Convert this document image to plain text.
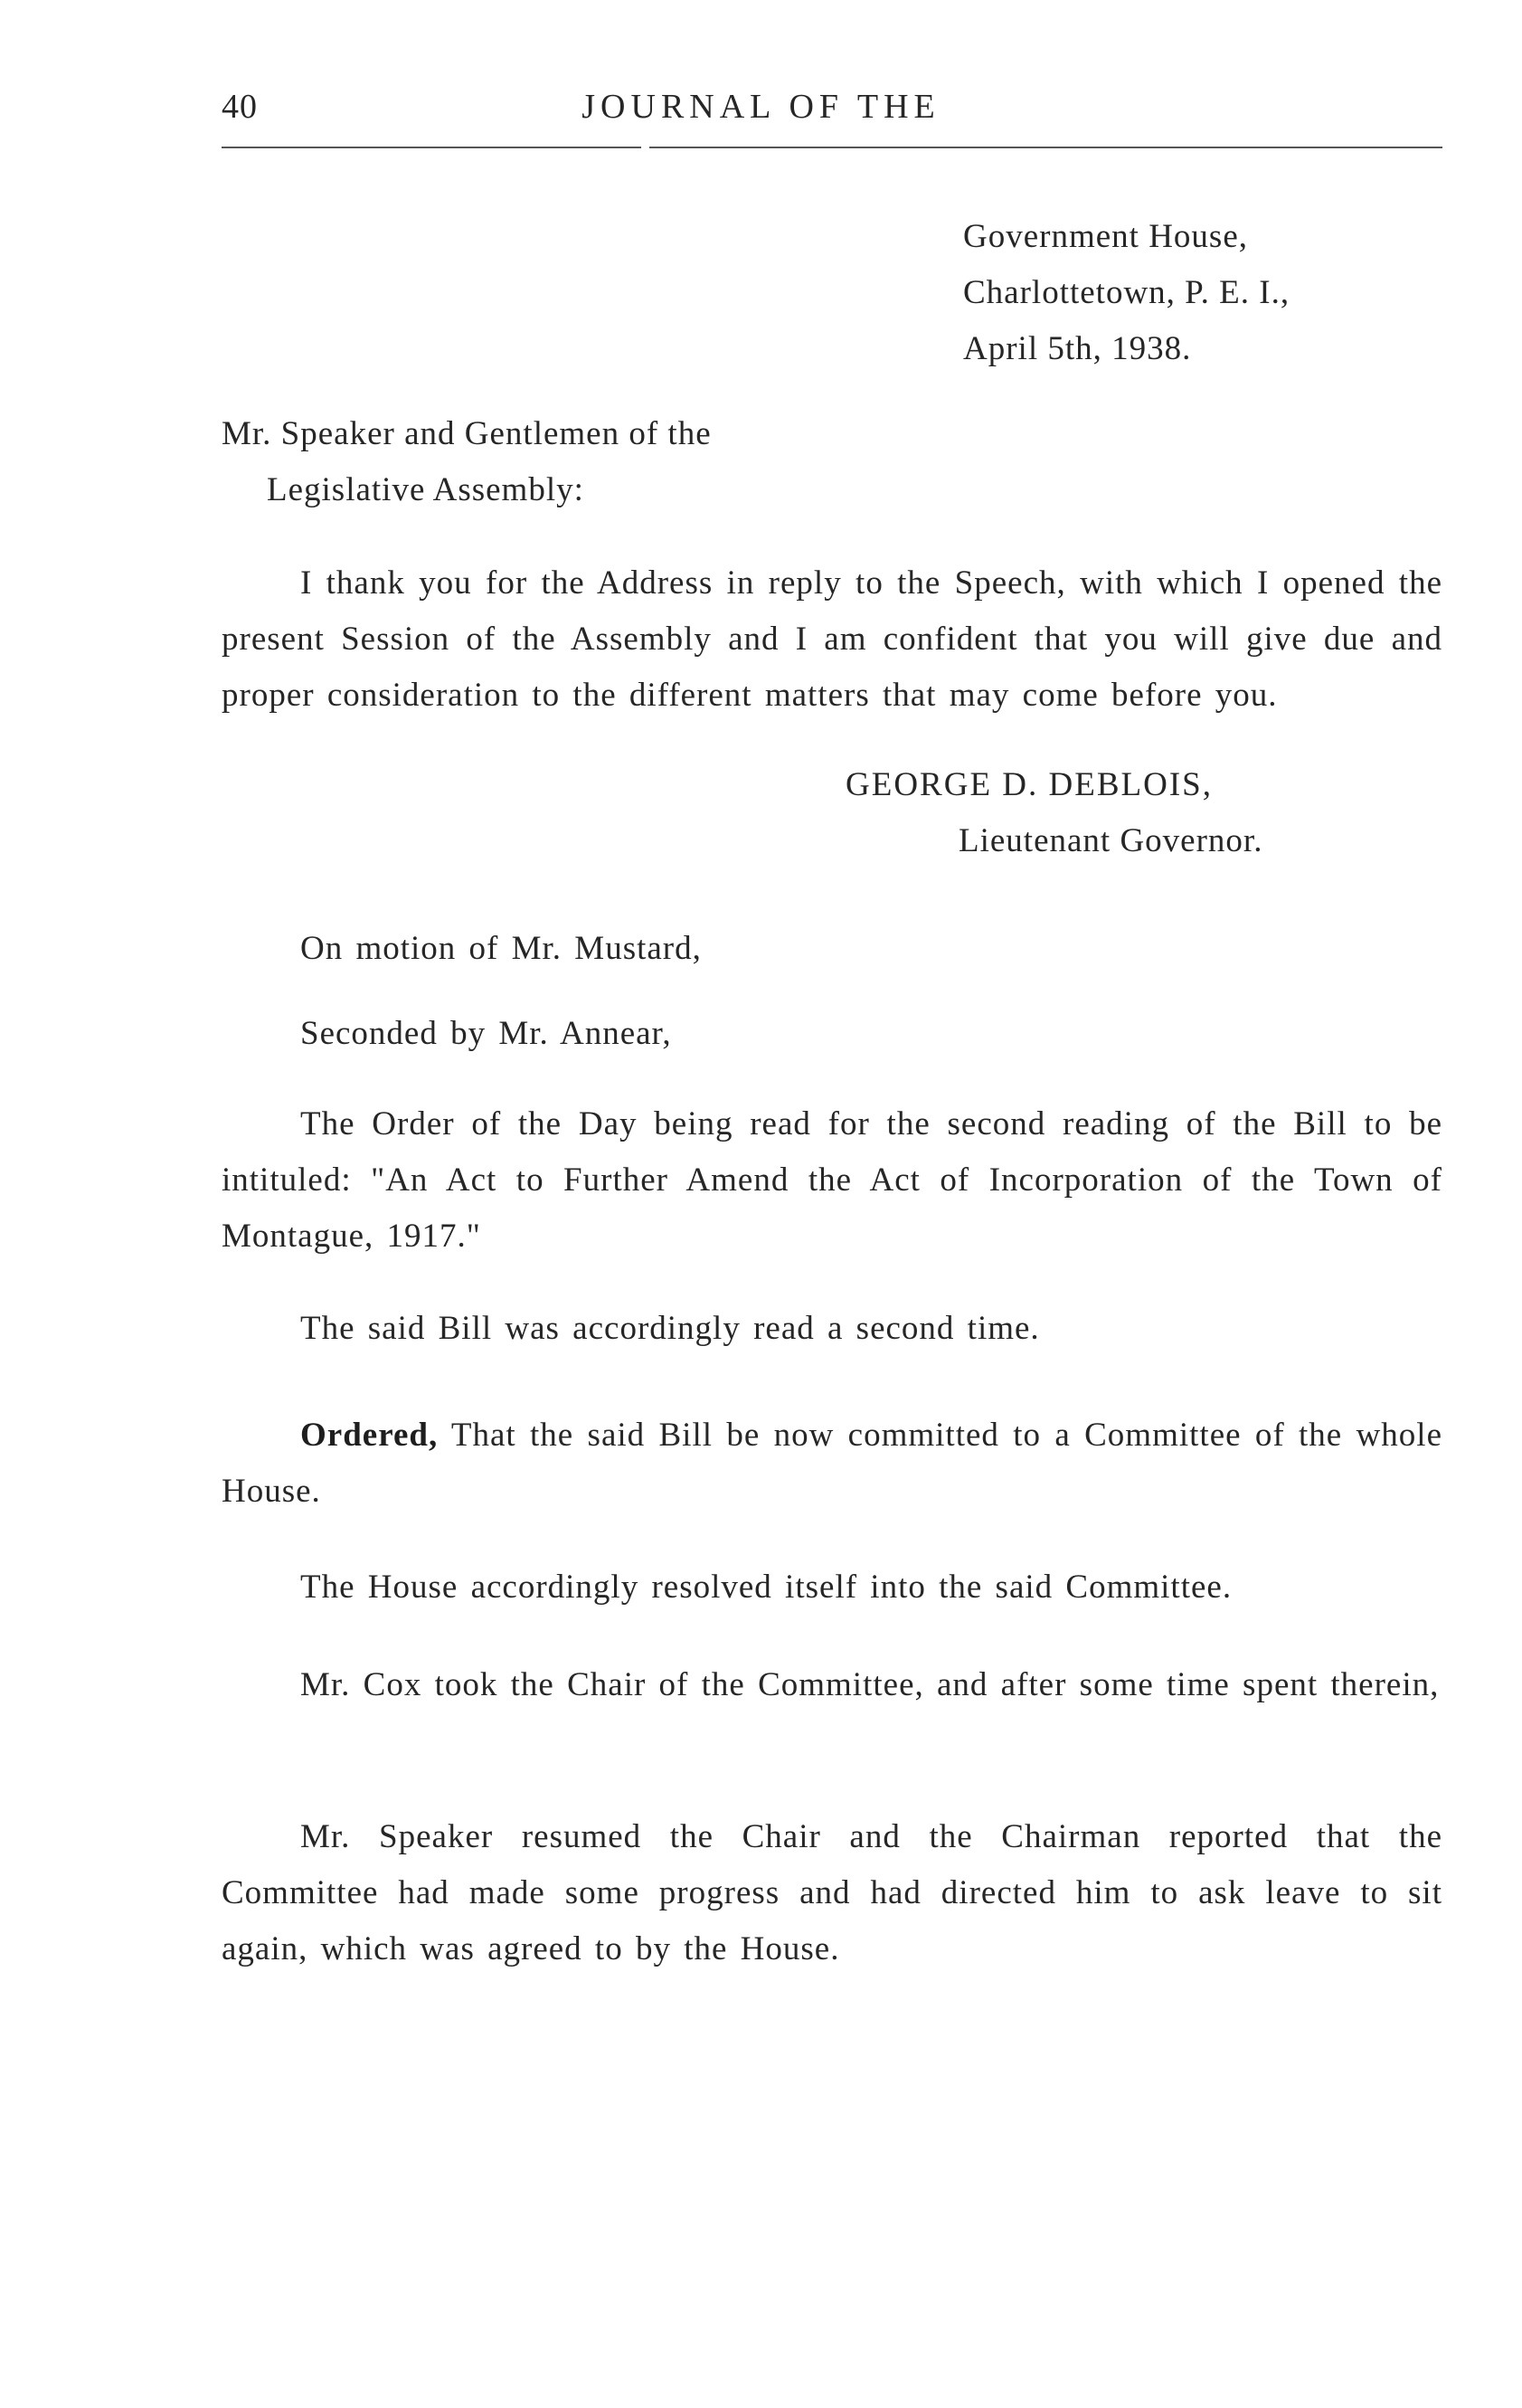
40	JOURNAL OF THE
Government House,
Charlottetown, P. E. I.,
April 5th, 1938.
Mr. Speaker and Gentlemen of the
Legislative Assembly:

I thank you for the Address in reply to the Speech, with which I opened the present Session of the Assembly and I am confident that you will give due and proper consideration to the different matters that may come before you.

GEORGE D. DEBLOIS,
Lieutenant Governor.

On motion of Mr. Mustard,

Seconded by Mr. Annear,

The Order of the Day being read for the second reading of the Bill to be intituled: "An Act to Further Amend the Act of Incorporation of the Town of Montague, 1917."

The said Bill was accordingly read a second time.

Ordered, That the said Bill be now committed to a Committee of the whole House.

The House accordingly resolved itself into the said Committee.

Mr. Cox took the Chair of the Committee, and after some time spent therein,

Mr. Speaker resumed the Chair and the Chairman reported that the Committee had made some progress and had directed him to ask leave to sit again, which was agreed to by the House.
